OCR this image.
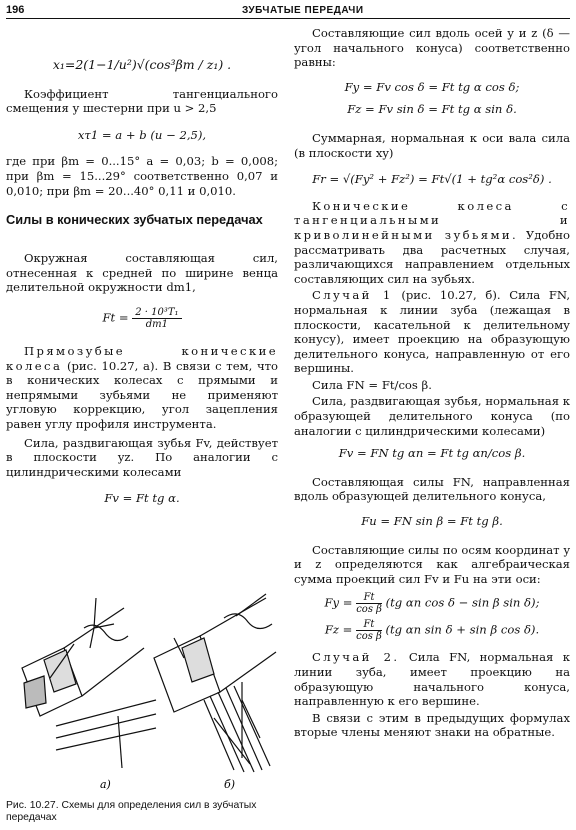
196	ЗУБЧАТЫЕ ПЕРЕДАЧИ

x₁=2(1−1/u²)√(cos³βm / z₁) .

Коэффициент тангенциального смещения у шестерни при u > 2,5

xτ1 = a + b (u − 2,5),

где при βm = 0...15° a = 0,03; b = 0,008; при βm = 15...29° соответственно 0,07 и 0,010; при βm = 20...40° 0,11 и 0,010.

Силы в конических зубчатых передачах

Окружная составляющая сил, отнесенная к средней по ширине венца делительной окружности dm1,

$Ft = \frac{\text{2 · 10³T₁}}{dm1}$

Прямозубые конические колеса (рис. 10.27, a). В связи с тем, что в конических колесах с прямыми и непрямыми зубьями не применяют угловую коррекцию, угол зацепления равен углу профиля инструмента.

Сила, раздвигающая зубья Fv, действует в плоскости yz. По аналогии с цилиндрическими колесами

Fv = Ft tg α.

a)	б)
Рис. 10.27. Схемы для определения сил в зубчатых передачах

Составляющие сил вдоль осей y и z (δ — угол начального конуса) соответственно равны:

Fy = Fv cos δ = Ft tg α cos δ;

Fz = Fv sin δ = Ft tg α sin δ.

Суммарная, нормальная к оси вала сила (в плоскости xy)

Fr = √(Fy² + Fz²) = Ft√(1 + tg²α cos²δ) .

Конические колеса с тангенциальными и криволинейными зубьями. Удобно рассматривать два расчетных случая, различающихся направлением отдельных составляющих сил на зубьях.

Случай 1 (рис. 10.27, б). Сила FN, нормальная к линии зуба (лежащая в плоскости, касательной к делительному конусу), имеет проекцию на образующую делительного конуса, направленную от его вершины.

Сила FN = Ft/cos β.

Сила, раздвигающая зубья, нормальная к образующей делительного конуса (по аналогии с цилиндрическими колесами)

Fv = FN tg αn = Ft tg αn/cos β.

Составляющая силы FN, направленная вдоль образующей делительного конуса,

Fu = FN sin β = Ft tg β.

Составляющие силы по осям координат y и z определяются как алгебраическая сумма проекций сил Fv и Fu на эти оси:

$Fy = \frac{Ft}{\text{cos β}} (tg$ αn cos δ − sin β sin δ);

$Fz = \frac{Ft}{\text{cos β}} (tg$ αn sin δ + sin β cos δ).

Случай 2. Сила FN, нормальная к линии зуба, имеет проекцию на образующую начального конуса, направленную к его вершине.

В связи с этим в предыдущих формулах вторые члены меняют знаки на обратные.
